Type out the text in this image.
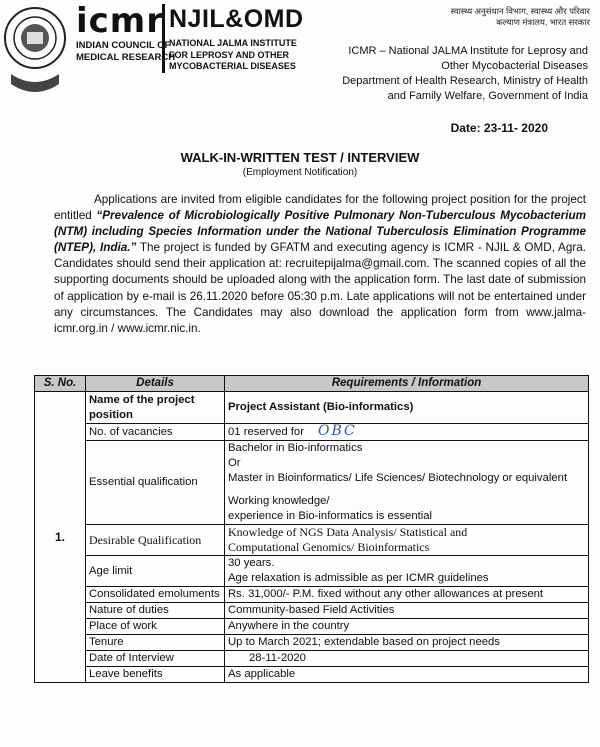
icmr
INDIAN COUNCIL OF
MEDICAL RESEARCH
NJIL&OMD
NATIONAL JALMA INSTITUTE
FOR LEPROSY AND OTHER
MYCOBACTERIAL DISEASES
स्वास्थ्य अनुसंधान विभाग, स्वास्थ्य और परिवार
कल्याण मंत्रालय, भारत सरकार
ICMR – National JALMA Institute for Leprosy and
Other Mycobacterial Diseases
Department of Health Research, Ministry of Health
and Family Welfare, Government of India
Date: 23-11- 2020
WALK-IN-WRITTEN TEST / INTERVIEW
(Employment Notification)
Applications are invited from eligible candidates for the following project position for the project entitled “Prevalence of Microbiologically Positive Pulmonary Non-Tuberculous Mycobacterium (NTM) including Species Information under the National Tuberculosis Elimination Programme (NTEP), India.” The project is funded by GFATM and executing agency is ICMR - NJIL & OMD, Agra. Candidates should send their application at: recruitepijalma@gmail.com. The scanned copies of all the supporting documents should be uploaded along with the application form. The last date of submission of application by e-mail is 26.11.2020 before 05:30 p.m. Late applications will not be entertained under any circumstances. The Candidates may also download the application form from www.jalma-icmr.org.in / www.icmr.nic.in.
S. No.	Details	Requirements / Information
1.	Name of the project position	Project Assistant (Bio-informatics)
	No. of vacancies	01 reserved for OBC
	Essential qualification	Bachelor in Bio-informatics
Or
Master in Bioinformatics/ Life Sciences/ Biotechnology or equivalent
Working knowledge/
experience in Bio-informatics is essential

	Desirable Qualification	Knowledge of NGS Data Analysis/ Statistical and
Computational Genomics/ Bioinformatics

	Age limit	30 years.
Age relaxation is admissible as per ICMR guidelines

	Consolidated emoluments	Rs. 31,000/- P.M. fixed without any other allowances at present
	Nature of duties	Community-based Field Activities
	Place of work	Anywhere in the country
	Tenure	Up to March 2021; extendable based on project needs
	Date of Interview	28-11-2020
	Leave benefits	As applicable
